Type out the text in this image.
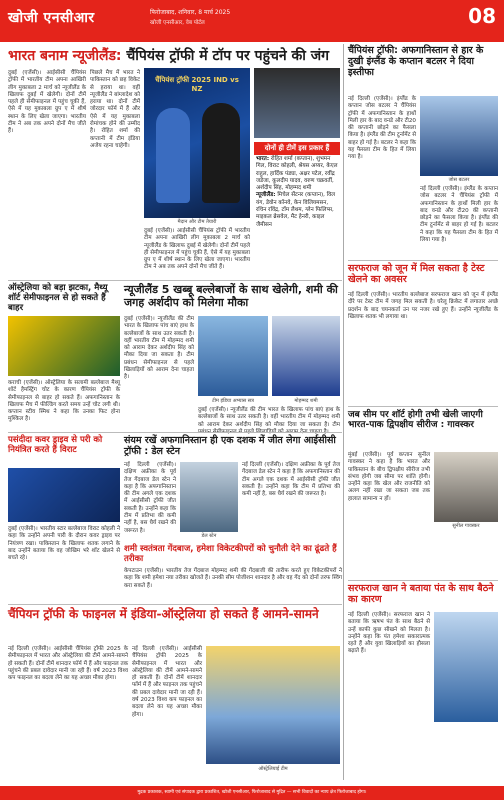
खोजी एनसीआर	फिरोजाबाद, शनिवार, 8 मार्च 2025
खोजी एनसीआर, वेब पोर्टल	08
भारत बनाम न्यूजीलैंड: चैंपियंस ट्रॉफी में टॉप पर पहुंचने की जंग
दुबई (एजेंसी)। आईसीसी चैंपियंस ट्रॉफी में भारतीय टीम अपना आखिरी लीग मुकाबला 2 मार्च को न्यूजीलैंड के खिलाफ दुबई में खेलेगी। दोनों टीमें पहले ही सेमीफाइनल में पहुंच चुकी हैं, ऐसे में यह मुकाबला ग्रुप ए में शीर्ष स्थान के लिए खेला जाएगा। भारतीय टीम ने अब तक अपने दोनों मैच जीते हैं।
पिछले मैच में भारत ने पाकिस्तान को छह विकेट से हराया था। वहीं न्यूजीलैंड ने बांग्लादेश को हराया था। दोनों टीमें जोरदार फॉर्म में हैं और ऐसे में यह मुकाबला रोमांचक होने की उम्मीद है। रोहित शर्मा की कप्तानी में टीम इंडिया अजेय रहना चाहेगी।
चैंपियंस ट्रॉफी 2025 IND vs NZ
मैदान और टीम तैयारी
दुबई (एजेंसी)। आईसीसी चैंपियंस ट्रॉफी में भारतीय टीम अपना आखिरी लीग मुकाबला 2 मार्च को न्यूजीलैंड के खिलाफ दुबई में खेलेगी। दोनों टीमें पहले ही सेमीफाइनल में पहुंच चुकी हैं, ऐसे में यह मुकाबला ग्रुप ए में शीर्ष स्थान के लिए खेला जाएगा। भारतीय टीम ने अब तक अपने दोनों मैच जीते हैं।
दोनों ही टीमें इस प्रकार हैं
भारत: रोहित शर्मा (कप्तान), शुभमन गिल, विराट कोहली, श्रेयस अय्यर, केएल राहुल, हार्दिक पंड्या, अक्षर पटेल, रवींद्र जडेजा, कुलदीप यादव, वरुण चक्रवर्ती, अर्शदीप सिंह, मोहम्मद शमी
न्यूजीलैंड: मिचेल सेंटनर (कप्तान), विल यंग, डेवोन कॉनवे, केन विलियमसन, रचिन रविंद्र, टॉम लैथम, ग्लेन फिलिप्स, माइकल ब्रेसवेल, मैट हेनरी, काइल जैमीसन
ऑस्ट्रेलिया को बड़ा झटका, मैथ्यू शॉर्ट सेमीफाइनल से हो सकते हैं बाहर
कराची (एजेंसी)। ऑस्ट्रेलिया के सलामी बल्लेबाज मैथ्यू शॉर्ट हैमस्ट्रिंग चोट के कारण चैंपियंस ट्रॉफी के सेमीफाइनल से बाहर हो सकते हैं। अफगानिस्तान के खिलाफ मैच में फील्डिंग करते समय उन्हें चोट लगी थी। कप्तान स्टीव स्मिथ ने कहा कि उनका फिट होना मुश्किल है।
न्यूजीलैंड 5 खब्बू बल्लेबाजों के साथ खेलेगी, शमी की जगह अर्शदीप को मिलेगा मौका
दुबई (एजेंसी)। न्यूजीलैंड की टीम भारत के खिलाफ पांच बाएं हाथ के बल्लेबाजों के साथ उतर सकती है। वहीं भारतीय टीम में मोहम्मद शमी को आराम देकर अर्शदीप सिंह को मौका दिया जा सकता है। टीम प्रबंधन सेमीफाइनल से पहले खिलाड़ियों को आराम देना चाहता है।
टीम इंडिया अभ्यास सत्र	मोहम्मद शमी
दुबई (एजेंसी)। न्यूजीलैंड की टीम भारत के खिलाफ पांच बाएं हाथ के बल्लेबाजों के साथ उतर सकती है। वहीं भारतीय टीम में मोहम्मद शमी को आराम देकर अर्शदीप सिंह को मौका दिया जा सकता है। टीम
पसंदीदा कवर ड्राइव से परी को नियंत्रित करते हैं विराट
दुबई (एजेंसी)। भारतीय स्टार बल्लेबाज विराट कोहली ने कहा कि उन्होंने अपनी पारी के दौरान कवर ड्राइव पर नियंत्रण रखा। पाकिस्तान के खिलाफ शतक लगाने के बाद उन्होंने बताया कि वह जोखिम भरे शॉट खेलने से बचते रहे।
संयम रखें अफगानिस्तान ही एक दशक में जीत लेगा आईसीसी ट्रॉफी : डेल स्टेन
नई दिल्ली (एजेंसी)। दक्षिण अफ्रीका के पूर्व तेज गेंदबाज डेल स्टेन ने कहा है कि अफगानिस्तान की टीम अगले एक दशक में आईसीसी ट्रॉफी जीत सकती है। उन्होंने कहा कि टीम में प्रतिभा की कमी नहीं है, बस धैर्य रखने की जरूरत है।
डेल स्टेन
नई दिल्ली (एजेंसी)। दक्षिण अफ्रीका के पूर्व तेज गेंदबाज डेल स्टेन ने कहा है कि अफगानिस्तान की टीम अगले एक दशक में आईसीसी ट्रॉफी जीत सकती है। उन्होंने कहा कि टीम में प्रतिभा की कमी नहीं है, बस धैर्य रखने की जरूरत है।
शमी स्वतंत्रता गेंदबाज, हमेशा विकेटकीपरों को चुनौती देने का ढूंढते हैं तरीका
केपटाउन (एजेंसी)। भारतीय तेज गेंदबाज मोहम्मद शमी की गेंदबाजी की तारीफ करते हुए विकेटकीपरों ने कहा कि शमी हमेशा नया तरीका खोजते हैं। उनकी सीम पोजीशन शानदार है और वह गेंद को दोनों तरफ स्विंग करा सकते हैं।
चैंपियन ट्रॉफी के फाइनल में इंडिया-ऑस्ट्रेलिया हो सकते हैं आमने-सामने
नई दिल्ली (एजेंसी)। आईसीसी चैंपियंस ट्रॉफी 2025 के सेमीफाइनल में भारत और ऑस्ट्रेलिया की टीमें आमने-सामने हो सकती हैं। दोनों टीमें शानदार फॉर्म में हैं और फाइनल तक पहुंचने की प्रबल दावेदार मानी जा रही हैं। वर्ष 2023 विश्व कप फाइनल का बदला लेने का यह अच्छा मौका होगा।
नई दिल्ली (एजेंसी)। आईसीसी चैंपियंस ट्रॉफी 2025 के सेमीफाइनल में भारत और ऑस्ट्रेलिया की टीमें आमने-सामने हो सकती हैं। दोनों टीमें शानदार फॉर्म में हैं और फाइनल तक पहुंचने की प्रबल दावेदार मानी जा रही हैं। वर्ष 2023 विश्व कप फाइनल का बदला लेने का यह अच्छा मौका होगा।
ऑस्ट्रेलियाई टीम
चैंपियंस ट्रॉफी: अफगानिस्तान से हार के दुखी इंग्लैंड के कप्तान बटलर ने दिया इस्तीफा
जोस बटलर
नई दिल्ली (एजेंसी)। इंग्लैंड के कप्तान जोस बटलर ने चैंपियंस ट्रॉफी में अफगानिस्तान के हाथों मिली हार के बाद वनडे और टी20 की कप्तानी छोड़ने का फैसला किया है। इंग्लैंड की टीम टूर्नामेंट से बाहर हो गई है। बटलर ने कहा कि यह फैसला टीम के हित में लिया गया है।
नई दिल्ली (एजेंसी)। इंग्लैंड के कप्तान जोस बटलर ने चैंपियंस ट्रॉफी में अफगानिस्तान के हाथों मिली हार के बाद वनडे और टी20 की कप्तानी छोड़ने का फैसला किया है। इंग्लैंड की टीम टूर्नामेंट से बाहर हो गई है। बटलर ने कहा कि यह फैसला टीम के हित में लिया गया है।
सरफराज को जून में मिल सकता है टेस्ट खेलने का अवसर
नई दिल्ली (एजेंसी)। भारतीय बल्लेबाज सरफराज खान को जून में इंग्लैंड दौरे पर टेस्ट टीम में जगह मिल सकती है। घरेलू क्रिकेट में लगातार अच्छे प्रदर्शन के बाद चयनकर्ता उन पर नजर रखे हुए हैं। उन्होंने न्यूजीलैंड के खिलाफ शतक भी लगाया था।
जब सीम पर शाॅर्ट होगी तभी खेली जाएगी भारत-पाक द्विपक्षीय सीरीज : गावस्कर
मुंबई (एजेंसी)। पूर्व कप्तान सुनील गावस्कर ने कहा है कि भारत और पाकिस्तान के बीच द्विपक्षीय सीरीज तभी संभव होगी जब सीमा पर शांति होगी। उन्होंने कहा कि खेल और राजनीति को अलग नहीं रखा जा सकता जब तक हालात सामान्य न हों।
सुनील गावस्कर
सरफराज खान ने बताया पंत के साथ बैठने का कारण
नई दिल्ली (एजेंसी)। सरफराज खान ने बताया कि ऋषभ पंत के साथ बैठने से उन्हें काफी कुछ सीखने को मिलता है। उन्होंने कहा कि पंत हमेशा सकारात्मक रहते हैं और युवा खिलाड़ियों का हौसला बढ़ाते हैं।
मुद्रक प्रकाशक, स्वामी एवं संपादक द्वारा प्रकाशित, खोजी एनसीआर, फिरोजाबाद से मुद्रित — सभी विवादों का न्याय क्षेत्र फिरोजाबाद होगा।
